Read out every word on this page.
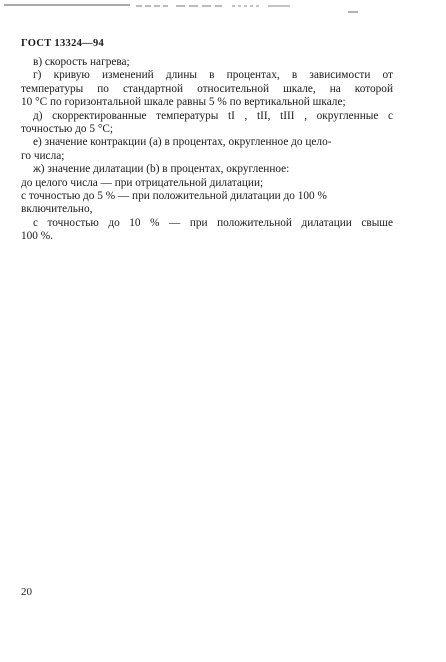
ГОСТ 13324—94
в) скорость нагрева;
г) кривую изменений длины в процентах, в зависимости от
температуры по стандартной относительной шкале, на которой
10 °С по горизонтальной шкале равны 5 % по вертикальной шкале;
д) скорректированные температуры tI , tII, tIII , округленные с
точностью до 5 °С;
е) значение контракции (a) в процентах, округленное до цело-
го числа;
ж) значение дилатации (b) в процентах, округленное:
до целого числа — при отрицательной дилатации;
с точностью до 5 % — при положительной дилатации до 100 %
включительно,
с точностью до 10 % — при положительной дилатации свыше
100 %.
20
